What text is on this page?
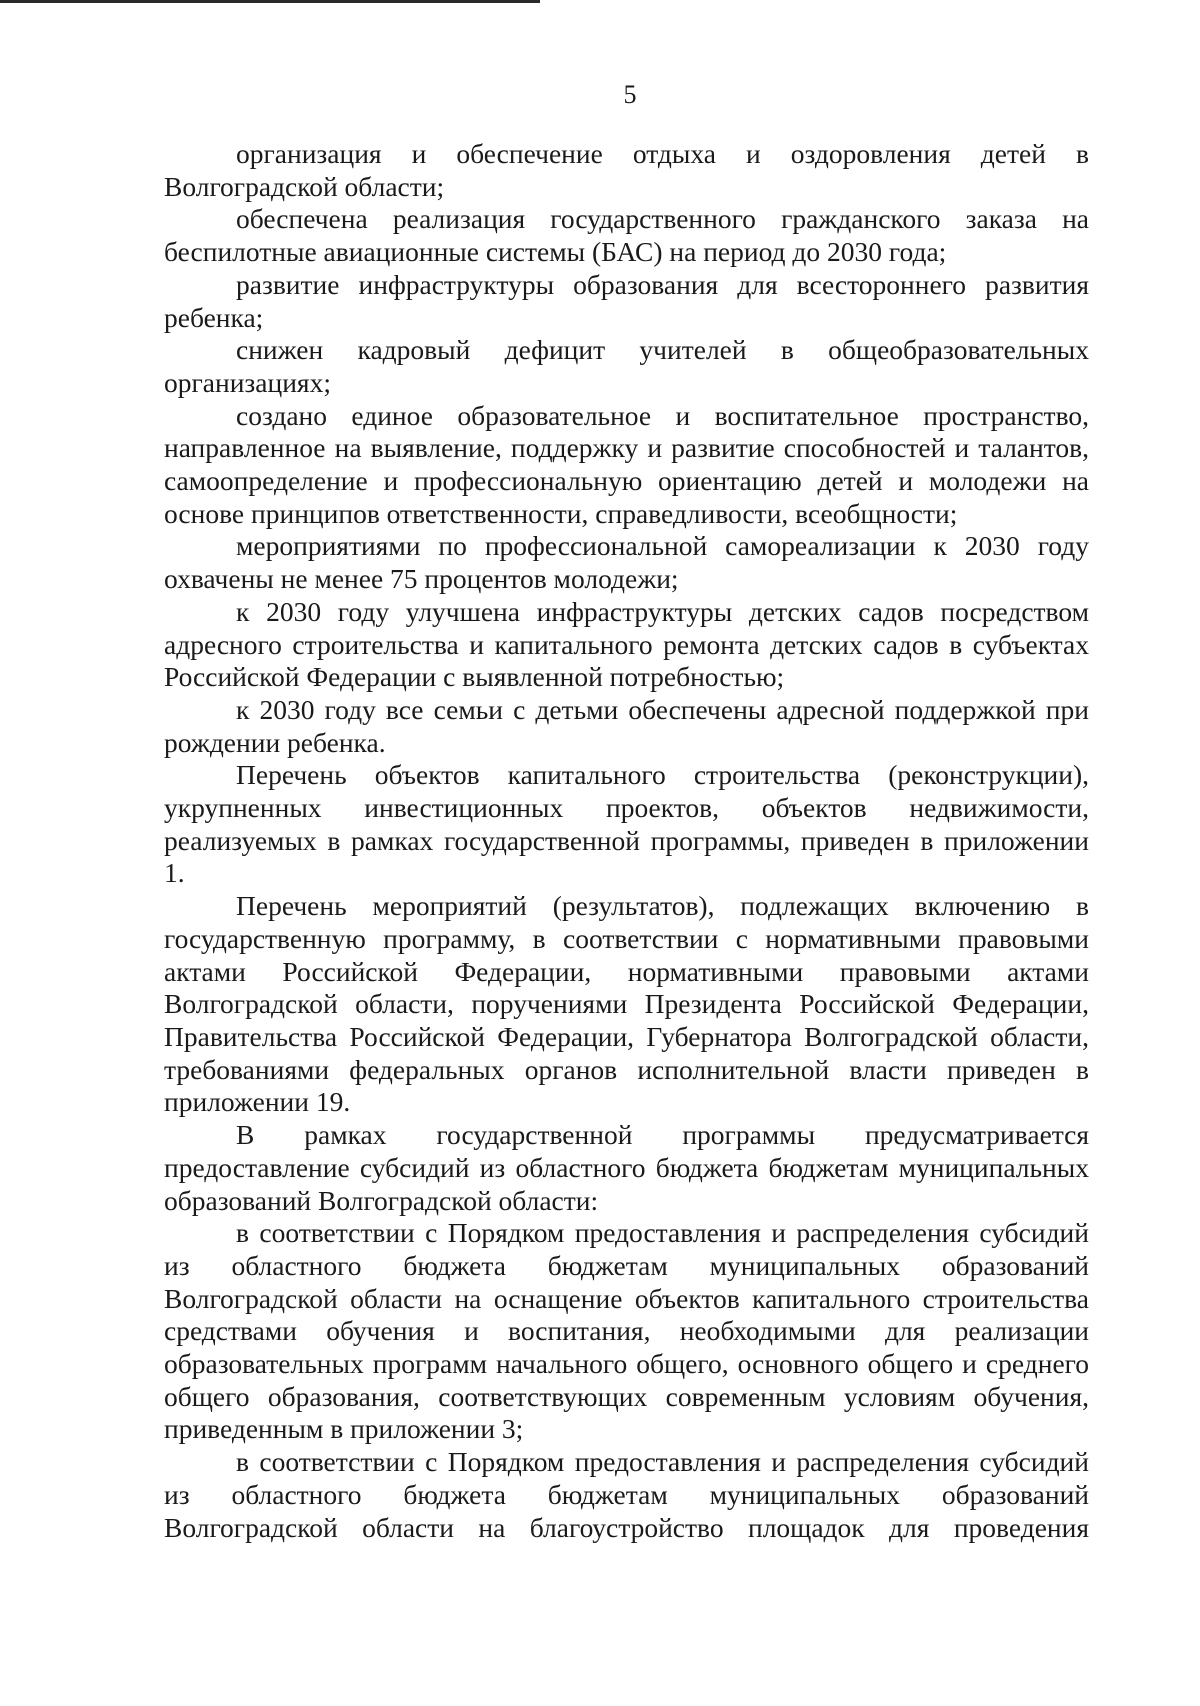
5

организация и обеспечение отдыха и оздоровления детей в Волгоградской области;

обеспечена реализация государственного гражданского заказа на беспилотные авиационные системы (БАС) на период до 2030 года;

развитие инфраструктуры образования для всестороннего развития ребенка;

снижен кадровый дефицит учителей в общеобразовательных организациях;

создано единое образовательное и воспитательное пространство, направленное на выявление, поддержку и развитие способностей и талантов, самоопределение и профессиональную ориентацию детей и молодежи на основе принципов ответственности, справедливости, всеобщности;

мероприятиями по профессиональной самореализации к 2030 году охвачены не менее 75 процентов молодежи;

к 2030 году улучшена инфраструктуры детских садов посредством адресного строительства и капитального ремонта детских садов в субъектах Российской Федерации с выявленной потребностью;

к 2030 году все семьи с детьми обеспечены адресной поддержкой при рождении ребенка.

Перечень объектов капитального строительства (реконструкции), укрупненных инвестиционных проектов, объектов недвижимости, реализуемых в рамках государственной программы, приведен в приложении 1.

Перечень мероприятий (результатов), подлежащих включению в государственную программу, в соответствии с нормативными правовыми актами Российской Федерации, нормативными правовыми актами Волгоградской области, поручениями Президента Российской Федерации, Правительства Российской Федерации, Губернатора Волгоградской области, требованиями федеральных органов исполнительной власти приведен в приложении 19.

В рамках государственной программы предусматривается предоставление субсидий из областного бюджета бюджетам муниципальных образований Волгоградской области:

в соответствии с Порядком предоставления и распределения субсидий из областного бюджета бюджетам муниципальных образований Волгоградской области на оснащение объектов капитального строительства средствами обучения и воспитания, необходимыми для реализации образовательных программ начального общего, основного общего и среднего общего образования, соответствующих современным условиям обучения, приведенным в приложении 3;

в соответствии с Порядком предоставления и распределения субсидий из областного бюджета бюджетам муниципальных образований Волгоградской области на благоустройство площадок для проведения
